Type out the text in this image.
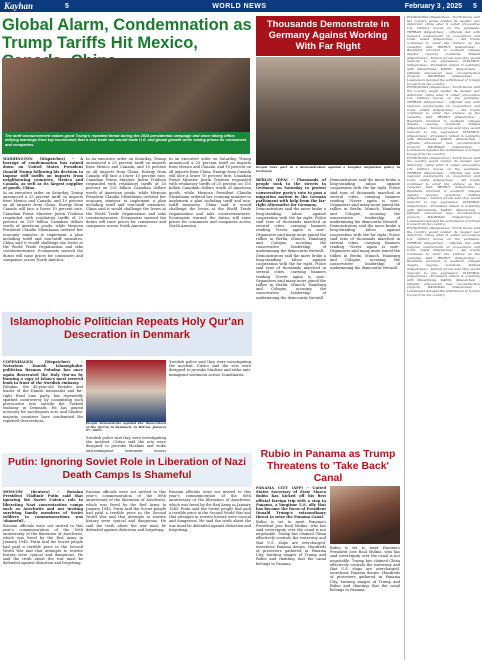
Kayhan	5	WORLD NEWS	February 3 , 2025	5
Global Alarm, Condemnation as Trump Tariffs Hit Mexico,
The tariff announcement makes good Trump's repeated threat during the 2024 presidential campaign and since taking office, defying warnings from top economists that a new trade war would trade U.S. and global growth while raising prices for consumers and companies.
WASHINGTON (Dispatches) - A barrage of condemnation has rained down on United States President Donald Trump following his decision to impose stiff tariffs on imports from neighbouring countries, Mexico and Canada, as well as its largest supplier of goods, China.
In an executive order on Saturday, Trump announced a 25 percent tariff on imports from Mexico and Canada, and 10 percent on all imports from China. Energy from Canada will face a lower 10 percent rate. Canadian Prime Minister Justin Trudeau responded with retaliatory tariffs of 25 percent on 155 billion Canadian dollars worth of American goods, while Mexican President Claudia Sheinbaum ordered her economy minister to implement a plan including tariff and non-tariff measures. China said it would challenge the levies at the World Trade Organization and take countermeasures. Economists warned the duties will raise prices for consumers and companies across North America.
In an executive order on Saturday, Trump announced a 25 percent tariff on imports from Mexico and Canada, and 10 percent on all imports from China. Energy from Canada will face a lower 10 percent rate. Canadian Prime Minister Justin Trudeau responded with retaliatory tariffs of 25 percent on 155 billion Canadian dollars worth of American goods, while Mexican President Claudia Sheinbaum ordered her economy minister to implement a plan including tariff and non-tariff measures. China said it would challenge the levies at the World Trade Organization and take countermeasures. Economists warned the duties will raise prices for consumers and companies across North America.
In an executive order on Saturday, Trump announced a 25 percent tariff on imports from Mexico and Canada, and 10 percent on all imports from China. Energy from Canada will face a lower 10 percent rate. Canadian Prime Minister Justin Trudeau responded with retaliatory tariffs of 25 percent on 155 billion Canadian dollars worth of American goods, while Mexican President Claudia Sheinbaum ordered her economy minister to implement a plan including tariff and non-tariff measures. China said it would challenge the levies at the World Trade Organization and take countermeasures. Economists warned the duties will raise prices for consumers and companies across North America.
Islamophobic Politician Repeats Holy Qur'an Desecration in Denmark
COPENHAGEN (Dispatches) - Notorious Danish Islamophobic politician Rasmus Paludan has once again desecrated the Holy Qur'an by burning a copy of Islam's most revered book in front of the Swedish embassy.
Paludan, the 43-year-old founder and leader of the Danish nationalist and far-right Hard Line party, has repeatedly sparked controversy by committing such provocative acts outside the Turkish embassy in Denmark. He has gained notoriety for sacrilegious acts, and Muslim-majority countries have condemned the repeated desecrations.
People demonstrate against the desecration of the Qur'an in Denmark, in Tehran, January 27, 2023.
Swedish police said they were investigating the incident. Critics said the acts were designed to provoke Muslims and stoke anti-immigrant sentiment across Scandinavia.
Swedish police said they were investigating the incident. Critics said the acts were designed to provoke Muslims and stoke anti-immigrant sentiment across
Putin: Ignoring Soviet Role in Liberation of Nazi Death Camps Is Shameful
MOSCOW (Reuters) - Russian President Vladimir Putin said that ignoring the Soviet Union's role in liberating Nazi concentration camps such as Auschwitz and not inviting surviving family members of Soviet soldiers to commemorations was 'shameful'.
Russian officials were not invited to this year's commemoration of the 80th anniversary of the liberation of Auschwitz, which was freed by the Red Army in January 1945. Putin said the Soviet people had paid a terrible price in the Second World War and that attempts to rewrite history were cynical and dangerous. He said the truth about the war must be defended against distortion and forgetting.
Russian officials were not invited to this year's commemoration of the 80th anniversary of the liberation of Auschwitz, which was freed by the Red Army in January 1945. Putin said the Soviet people had paid a terrible price in the Second World War and that attempts to rewrite history were cynical and dangerous. He said the truth about the war must be defended against distortion and forgetting.
Russian officials were not invited to this year's commemoration of the 80th anniversary of the liberation of Auschwitz, which was freed by the Red Army in January 1945. Putin said the Soviet people had paid a terrible price in the Second World War and that attempts to rewrite history were cynical and dangerous. He said the truth about the war must be defended against distortion and forgetting.
Thousands Demonstrate in Germany Against Working With Far Right
People take part in a demonstration against a tougher migration policy in Germany.
BERLIN (DPA) - Thousands of people took to the streets in Germany on Saturday to protest conservative party's vote to pass a migration motion in the German parliament with help from the far-right Alternative for Germany.
Demonstrators said the move broke a long-standing taboo against cooperation with the far right. Police said tens of thousands marched in several cities, carrying banners reading 'Never again is now'. Organisers said many more joined the rallies in Berlin, Munich, Hamburg and Cologne, accusing the conservative leadership of undermining the democratic firewall.
Demonstrators said the move broke a long-standing taboo against cooperation with the far right. Police said tens of thousands marched in several cities, carrying banners reading 'Never again is now'. Organisers said many more joined the rallies in Berlin, Munich, Hamburg and Cologne, accusing the conservative leadership of undermining the democratic firewall.
Demonstrators said the move broke a long-standing taboo against cooperation with the far right. Police said tens of thousands marched in several cities, carrying banners reading 'Never again is now'. Organisers said many more joined the rallies in Berlin, Munich, Hamburg and Cologne, accusing the conservative leadership of undermining the democratic firewall.
Demonstrators said the move broke a long-standing taboo against cooperation with the far right. Police said tens of thousands marched in several cities, carrying banners reading 'Never again is now'. Organisers said many more joined the rallies in Berlin, Munich, Hamburg and Cologne, accusing the conservative leadership of undermining the democratic firewall.
Rubio in Panama as Trump Threatens to 'Take Back' Canal
PANAMA CITY (AFP) - United States Secretary of State Marco Rubio has kicked off his first official foreign trip with a stop in Panama, a longtime U.S. ally that has become the focus of President Donald Trump's extraordinary threat to seize the Panama Canal.
Rubio is set to meet Panama's President Jose Raul Mulino, who has said sovereignty over the canal is not negotiable. Trump has claimed China effectively controls the waterway and that U.S. ships are overcharged, assertions Panama denies. Hundreds of protesters gathered in Panama City, burning images of Trump and Rubio and chanting that the canal belongs to Panama.
Rubio is set to meet Panama's President Jose Raul Mulino, who has said sovereignty over the canal is not negotiable. Trump has claimed China effectively controls the waterway and that U.S. ships are overcharged, assertions Panama denies. Hundreds of protesters gathered in Panama City, burning images of Trump and Rubio and chanting that the canal belongs to Panama.
PYONGYANG (Dispatches) - North Korea said the country would bolster its nuclear war deterrent, citing what it called provocative U.S. military moves on the peninsula. TEHRAN (Dispatches) - Officials met with regional counterparts on cooperation and trade. GAZA (Dispatches) - Aid trucks continued to enter the enclave as the ceasefire held. BEIRUT (Dispatches) - Residents returned to southern villages despite ongoing violations. SANAA (Dispatches) - Yemeni forces said they would respond to any aggression. ISTANBUL (Dispatches) - Protesters rallied in solidarity with Palestinians. KABUL (Dispatches) - Officials announced new reconstruction projects. BAGHDAD (Dispatches) - Lawmakers debated the withdrawal of foreign troops from the country.
PYONGYANG (Dispatches) - North Korea said the country would bolster its nuclear war deterrent, citing what it called provocative U.S. military moves on the peninsula. TEHRAN (Dispatches) - Officials met with regional counterparts on cooperation and trade. GAZA (Dispatches) - Aid trucks continued to enter the enclave as the ceasefire held. BEIRUT (Dispatches) - Residents returned to southern villages despite ongoing violations. SANAA (Dispatches) - Yemeni forces said they would respond to any aggression. ISTANBUL (Dispatches) - Protesters rallied in solidarity with Palestinians. KABUL (Dispatches) - Officials announced new reconstruction projects. BAGHDAD (Dispatches) - Lawmakers debated the withdrawal of foreign troops from the country.
PYONGYANG (Dispatches) - North Korea said the country would bolster its nuclear war deterrent, citing what it called provocative U.S. military moves on the peninsula. TEHRAN (Dispatches) - Officials met with regional counterparts on cooperation and trade. GAZA (Dispatches) - Aid trucks continued to enter the enclave as the ceasefire held. BEIRUT (Dispatches) - Residents returned to southern villages despite ongoing violations. SANAA (Dispatches) - Yemeni forces said they would respond to any aggression. ISTANBUL (Dispatches) - Protesters rallied in solidarity with Palestinians. KABUL (Dispatches) - Officials announced new reconstruction projects. BAGHDAD (Dispatches) - Lawmakers debated the withdrawal of foreign troops from the country.
PYONGYANG (Dispatches) - North Korea said the country would bolster its nuclear war deterrent, citing what it called provocative U.S. military moves on the peninsula. TEHRAN (Dispatches) - Officials met with regional counterparts on cooperation and trade. GAZA (Dispatches) - Aid trucks continued to enter the enclave as the ceasefire held. BEIRUT (Dispatches) - Residents returned to southern villages despite ongoing violations. SANAA (Dispatches) - Yemeni forces said they would respond to any aggression. ISTANBUL (Dispatches) - Protesters rallied in solidarity with Palestinians. KABUL (Dispatches) - Officials announced new reconstruction projects. BAGHDAD (Dispatches) - Lawmakers debated the withdrawal of foreign troops from the country.
